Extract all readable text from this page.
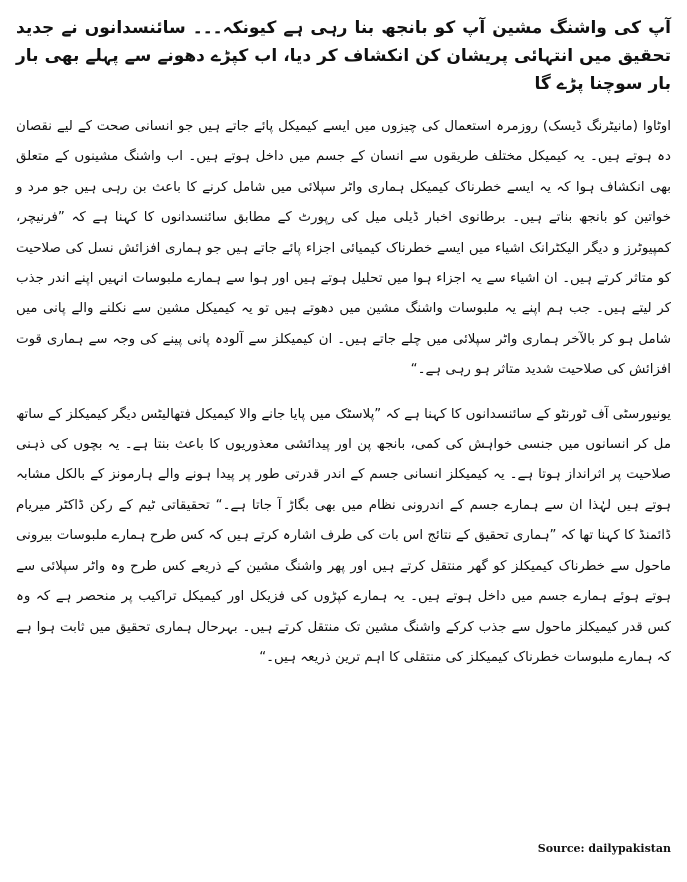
آپ کی واشنگ مشین آپ کو بانجھ بنا رہی ہے کیونکہ۔۔۔ سائنسدانوں نے جدید تحقیق میں انتہائی پریشان کن انکشاف کر دیا، اب کپڑے دھونے سے پہلے بھی بار بار سوچنا پڑے گا

اوٹاوا (مانیٹرنگ ڈیسک) روزمرہ استعمال کی چیزوں میں ایسے کیمیکل پائے جاتے ہیں جو انسانی صحت کے لیے نقصان دہ ہوتے ہیں۔ یہ کیمیکل مختلف طریقوں سے انسان کے جسم میں داخل ہوتے ہیں۔ اب واشنگ مشینوں کے متعلق بھی انکشاف ہوا کہ یہ ایسے خطرناک کیمیکل ہماری واٹر سپلائی میں شامل کرنے کا باعث بن رہی ہیں جو مرد و خواتین کو بانجھ بناتے ہیں۔ برطانوی اخبار ڈیلی میل کی رپورٹ کے مطابق سائنسدانوں کا کہنا ہے کہ ”فرنیچر، کمپیوٹرز و دیگر الیکٹرانک اشیاء میں ایسے خطرناک کیمیائی اجزاء پائے جاتے ہیں جو ہماری افزائش نسل کی صلاحیت کو متاثر کرتے ہیں۔ ان اشیاء سے یہ اجزاء ہوا میں تحلیل ہوتے ہیں اور ہوا سے ہمارے ملبوسات انہیں اپنے اندر جذب کر لیتے ہیں۔ جب ہم اپنے یہ ملبوسات واشنگ مشین میں دھوتے ہیں تو یہ کیمیکل مشین سے نکلنے والے پانی میں شامل ہو کر بالآخر ہماری واٹر سپلائی میں چلے جاتے ہیں۔ ان کیمیکلز سے آلودہ پانی پینے کی وجہ سے ہماری قوت افزائش کی صلاحیت شدید متاثر ہو رہی ہے۔“

یونیورسٹی آف ٹورنٹو کے سائنسدانوں کا کہنا ہے کہ ”پلاسٹک میں پایا جانے والا کیمیکل فتھالیٹس دیگر کیمیکلز کے ساتھ مل کر انسانوں میں جنسی خواہش کی کمی، بانجھ پن اور پیدائشی معذوریوں کا باعث بنتا ہے۔ یہ بچوں کی ذہنی صلاحیت پر اثرانداز ہوتا ہے۔ یہ کیمیکلز انسانی جسم کے اندر قدرتی طور پر پیدا ہونے والے ہارمونز کے بالکل مشابہ ہوتے ہیں لہٰذا ان سے ہمارے جسم کے اندرونی نظام میں بھی بگاڑ آ جاتا ہے۔“ تحقیقاتی ٹیم کے رکن ڈاکٹر میریام ڈائمنڈ کا کہنا تھا کہ ”ہماری تحقیق کے نتائج اس بات کی طرف اشارہ کرتے ہیں کہ کس طرح ہمارے ملبوسات بیرونی ماحول سے خطرناک کیمیکلز کو گھر منتقل کرتے ہیں اور پھر واشنگ مشین کے ذریعے کس طرح وہ واٹر سپلائی سے ہوتے ہوئے ہمارے جسم میں داخل ہوتے ہیں۔ یہ ہمارے کپڑوں کی فزیکل اور کیمیکل تراکیب پر منحصر ہے کہ وہ کس قدر کیمیکلز ماحول سے جذب کرکے واشنگ مشین تک منتقل کرتے ہیں۔ بہرحال ہماری تحقیق میں ثابت ہوا ہے کہ ہمارے ملبوسات خطرناک کیمیکلز کی منتقلی کا اہم ترین ذریعہ ہیں۔“

Source: dailypakistan
